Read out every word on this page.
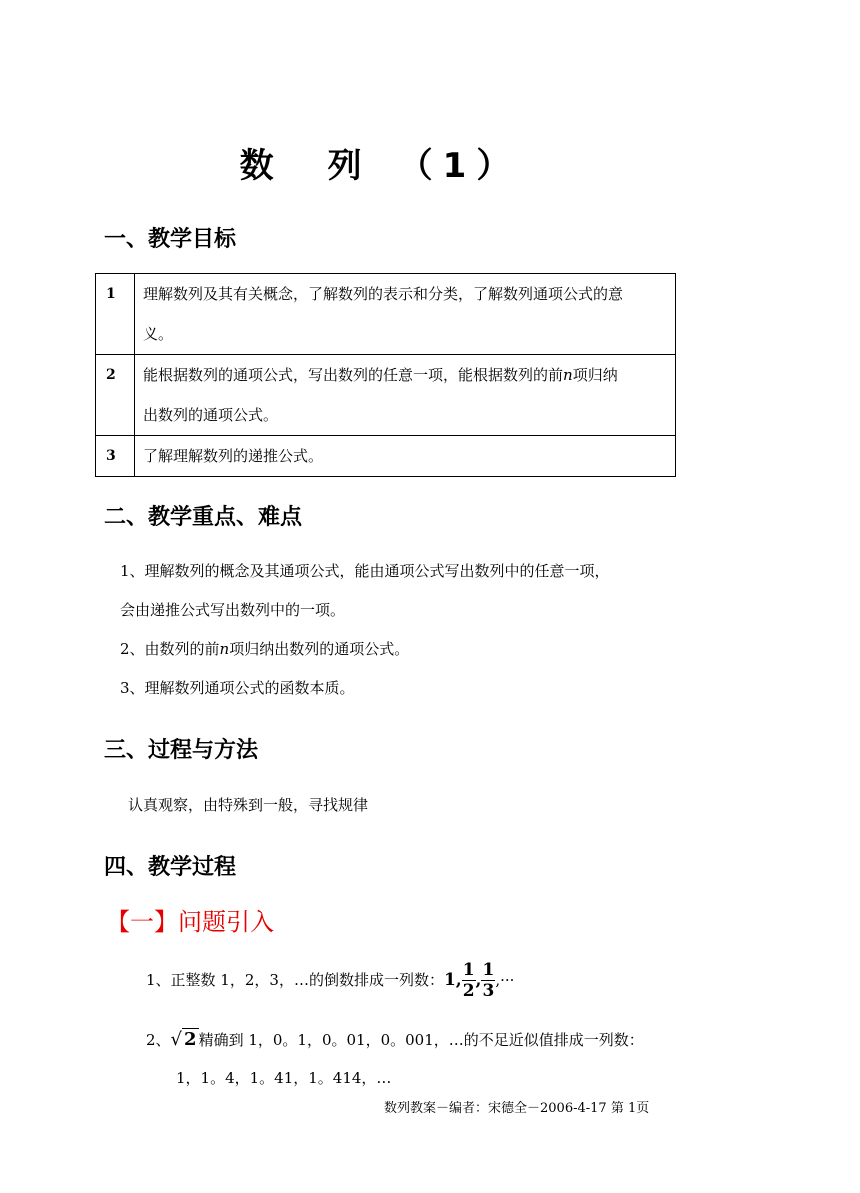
数　列　（1）
一、教学目标
1	理解数列及其有关概念，了解数列的表示和分类，了解数列通项公式的意
义。

2	能根据数列的通项公式，写出数列的任意一项，能根据数列的前n项归纳
出数列的通项公式。

3	了解理解数列的递推公式。
二、教学重点、难点
1、理解数列的概念及其通项公式，能由通项公式写出数列中的任意一项，
会由递推公式写出数列中的一项。
2、由数列的前n项归纳出数列的通项公式。
3、理解数列通项公式的函数本质。
三、过程与方法
认真观察，由特殊到一般，寻找规律
四、教学过程
【一】问题引入
1、正整数 1，2，3，…的倒数排成一列数： 1, $\frac{1}{2}$ , $\frac{1}{3}$ ,···
2、 √ 2 精确到 1，0。1，0。01，0。001，…的不足近似值排成一列数：
1，1。4，1。41，1。414，…
数列教案－编者：宋德全－2006-4-17 第 1页
